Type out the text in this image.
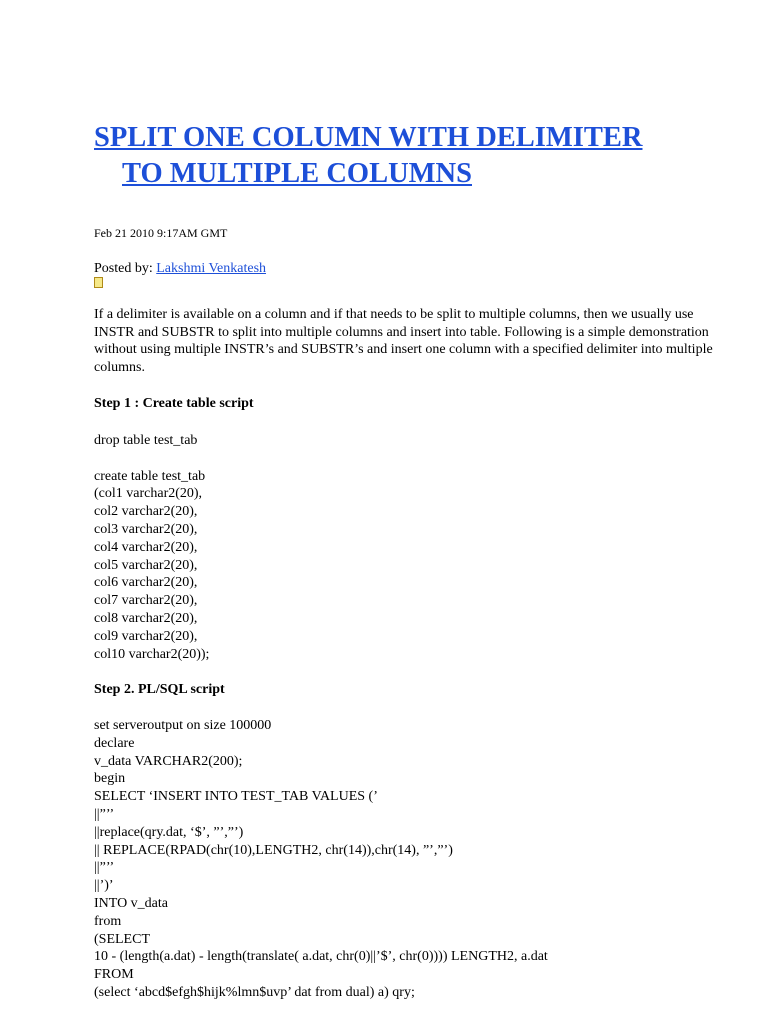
SPLIT ONE COLUMN WITH DELIMITER
TO MULTIPLE COLUMNS
Feb 21 2010 9:17AM GMT
Posted by: Lakshmi Venkatesh

If a delimiter is available on a column and if that needs to be split to multiple columns, then we usually use INSTR and SUBSTR to split into multiple columns and insert into table. Following is a simple demonstration without using multiple INSTR’s and SUBSTR’s and insert one column with a specified delimiter into multiple columns.

Step 1 : Create table script
drop table test_tab
create table test_tab
(col1 varchar2(20),
col2 varchar2(20),
col3 varchar2(20),
col4 varchar2(20),
col5 varchar2(20),
col6 varchar2(20),
col7 varchar2(20),
col8 varchar2(20),
col9 varchar2(20),
col10 varchar2(20));
Step 2. PL/SQL script
set serveroutput on size 100000
declare
v_data VARCHAR2(200);
begin
SELECT ‘INSERT INTO TEST_TAB VALUES (’
||”’’
||replace(qry.dat, ‘$’, ”’,”’)
|| REPLACE(RPAD(chr(10),LENGTH2, chr(14)),chr(14), ”’,”’)
||”’’
||’)’
INTO v_data
from
(SELECT
10 - (length(a.dat) - length(translate( a.dat, chr(0)||’$’, chr(0)))) LENGTH2, a.dat
FROM
(select ‘abcd$efgh$hijk%lmn$uvp’ dat from dual) a) qry;
